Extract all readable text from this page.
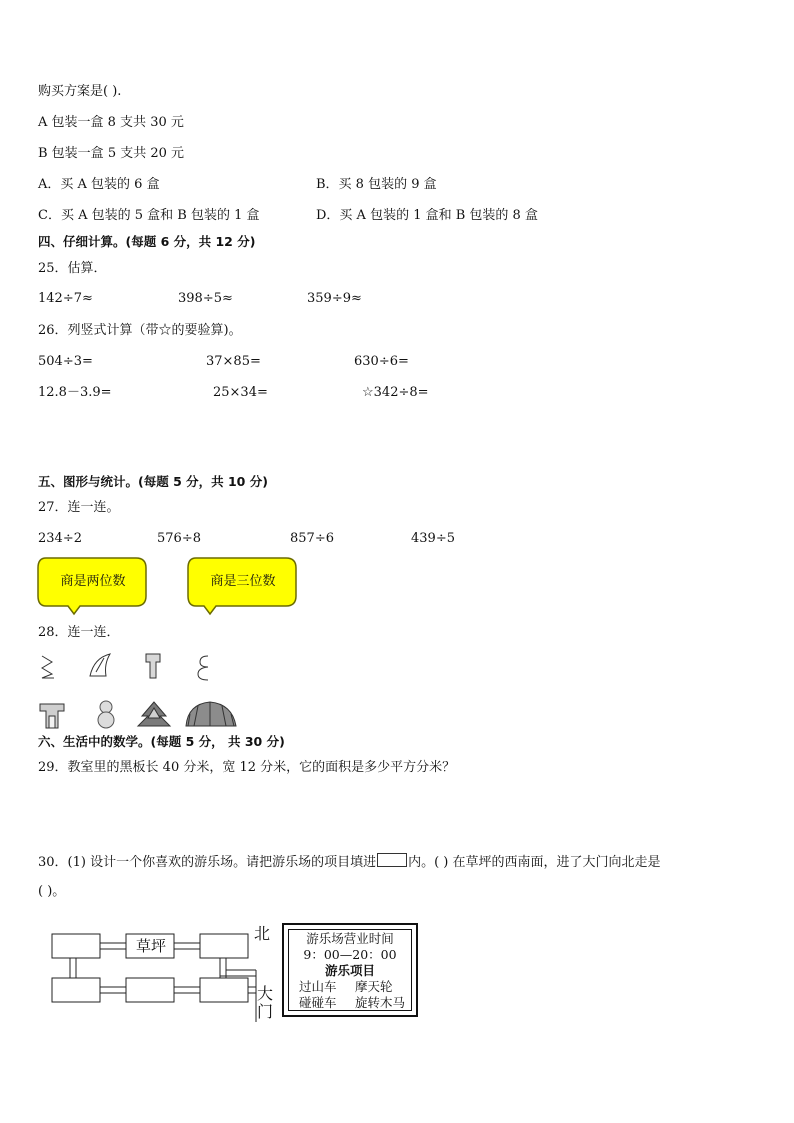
购买方案是( ).
A 包装一盒 8 支共 30 元
B 包装一盒 5 支共 20 元
A．买 A 包装的 6 盒	B．买 8 包装的 9 盒
C．买 A 包装的 5 盒和 B 包装的 1 盒	D．买 A 包装的 1 盒和 B 包装的 8 盒
四、仔细计算。(每题 6 分，共 12 分)
25．估算．
142÷7≈	398÷5≈	359÷9≈
26．列竖式计算（带☆的要验算)。
504÷3=	37×85=	630÷6=
12.8－3.9=	25×34=	☆342÷8=
五、图形与统计。(每题 5 分，共 10 分)
27．连一连。
234÷2	576÷8	857÷6	439÷5
商是两位数	商是三位数
28．连一连．
六、生活中的数学。(每题 5 分， 共 30 分)
29．教室里的黑板长 40 分米，宽 12 分米，它的面积是多少平方分米？
30．(1) 设计一个你喜欢的游乐场。请把游乐场的项目填进 内。( ) 在草坪的西南面，进了大门向北走是
( )。
草坪
北
大
门
游乐场营业时间
9：00—20：00
游乐项目
过山车 摩天轮
碰碰车 旋转木马
